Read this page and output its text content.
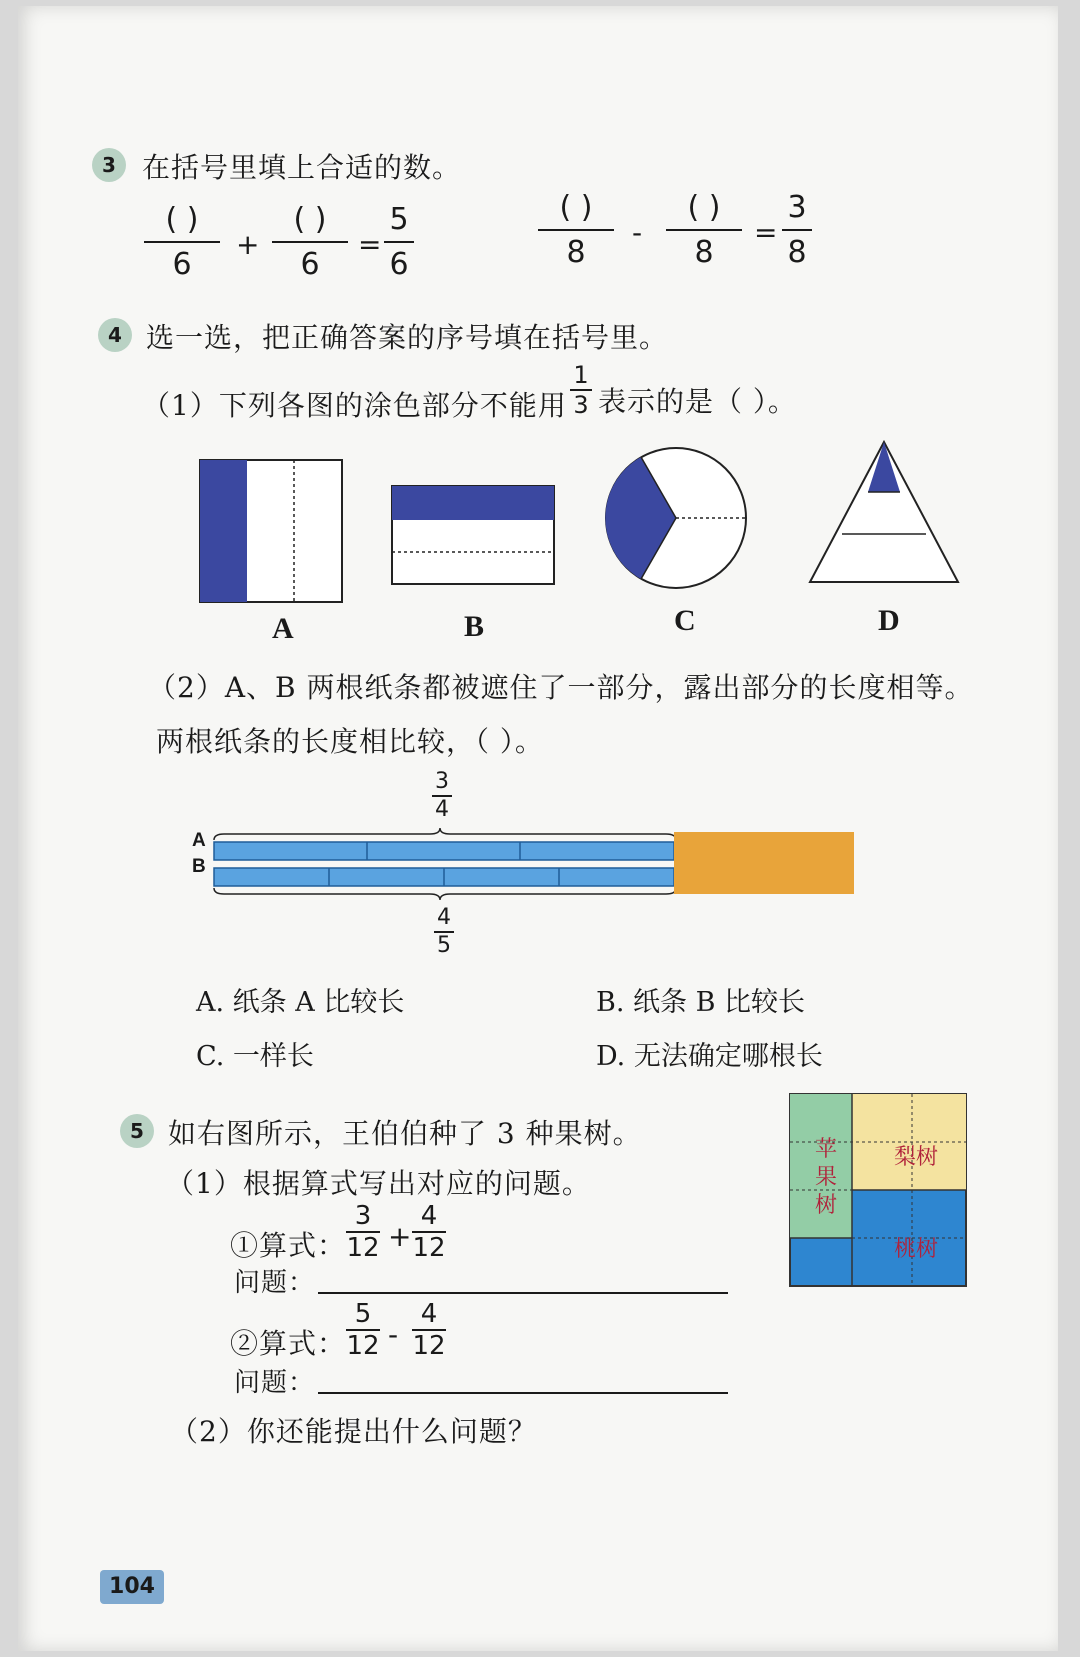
3 在括号里填上合适的数。
( )
6
+
( )
6
=
5
6
( )
8
-
( )
8
=
3
8
4 选一选，把正确答案的序号填在括号里。
（1）下列各图的涂色部分不能用
1
3 表示的是（ ）。
A	B	C	D
（2）A、B 两根纸条都被遮住了一部分，露出部分的长度相等。
两根纸条的长度相比较，（ ）。
3
4
A
B
4
5
A. 纸条 A 比较长	B. 纸条 B 比较长
C. 一样长	D. 无法确定哪根长
5 如右图所示，王伯伯种了 3 种果树。
（1）根据算式写出对应的问题。
①算式：
3
12 +
4
12
问题：
②算式：
5
12 -
4
12
问题：
（2）你还能提出什么问题？
苹果树
梨树
桃树
104
